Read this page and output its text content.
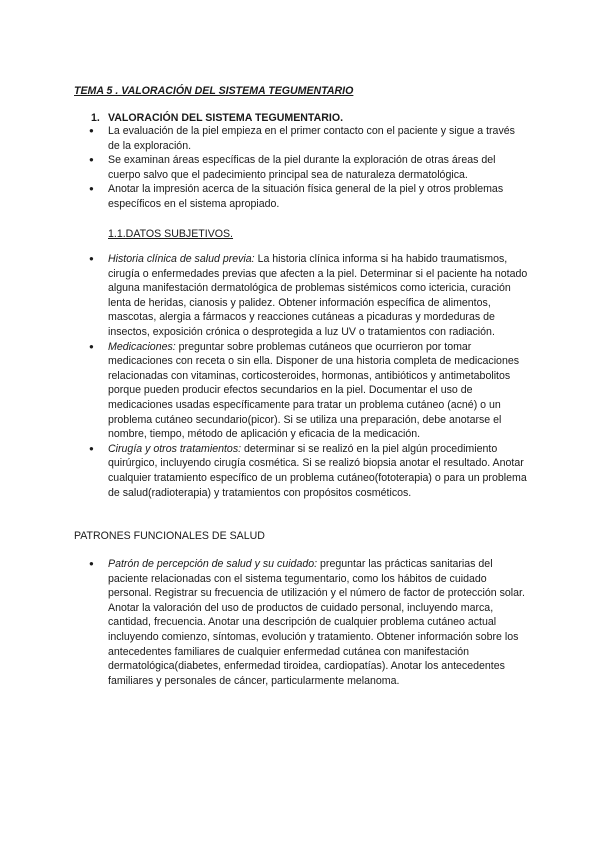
TEMA 5 . VALORACIÓN DEL SISTEMA TEGUMENTARIO

1. VALORACIÓN DEL SISTEMA TEGUMENTARIO.

● La evaluación de la piel empieza en el primer contacto con el paciente y sigue a través de la exploración.
● Se examinan áreas específicas de la piel durante la exploración de otras áreas del cuerpo salvo que el padecimiento principal sea de naturaleza dermatológica.
● Anotar la impresión acerca de la situación física general de la piel y otros problemas específicos en el sistema apropiado.

1.1.DATOS SUBJETIVOS.

● Historia clínica de salud previa: La historia clínica informa si ha habido traumatismos, cirugía o enfermedades previas que afecten a la piel. Determinar si el paciente ha notado alguna manifestación dermatológica de problemas sistémicos como ictericia, curación lenta de heridas, cianosis y palidez. Obtener información específica de alimentos, mascotas, alergia a fármacos y reacciones cutáneas a picaduras y mordeduras de insectos, exposición crónica o desprotegida a luz UV o tratamientos con radiación.
● Medicaciones: preguntar sobre problemas cutáneos que ocurrieron por tomar medicaciones con receta o sin ella. Disponer de una historia completa de medicaciones relacionadas con vitaminas, corticosteroides, hormonas, antibióticos y antimetabolitos porque pueden producir efectos secundarios en la piel. Documentar el uso de medicaciones usadas específicamente para tratar un problema cutáneo (acné) o un problema cutáneo secundario(picor). Si se utiliza una preparación, debe anotarse el nombre, tiempo, método de aplicación y eficacia de la medicación.
● Cirugía y otros tratamientos: determinar si se realizó en la piel algún procedimiento quirúrgico, incluyendo cirugía cosmética. Si se realizó biopsia anotar el resultado. Anotar cualquier tratamiento específico de un problema cutáneo(fototerapia) o para un problema de salud(radioterapia) y tratamientos con propósitos cosméticos.

PATRONES FUNCIONALES DE SALUD

● Patrón de percepción de salud y su cuidado: preguntar las prácticas sanitarias del paciente relacionadas con el sistema tegumentario, como los hábitos de cuidado personal. Registrar su frecuencia de utilización y el número de factor de protección solar. Anotar la valoración del uso de productos de cuidado personal, incluyendo marca, cantidad, frecuencia. Anotar una descripción de cualquier problema cutáneo actual incluyendo comienzo, síntomas, evolución y tratamiento. Obtener información sobre los antecedentes familiares de cualquier enfermedad cutánea con manifestación dermatológica(diabetes, enfermedad tiroidea, cardiopatías). Anotar los antecedentes familiares y personales de cáncer, particularmente melanoma.
